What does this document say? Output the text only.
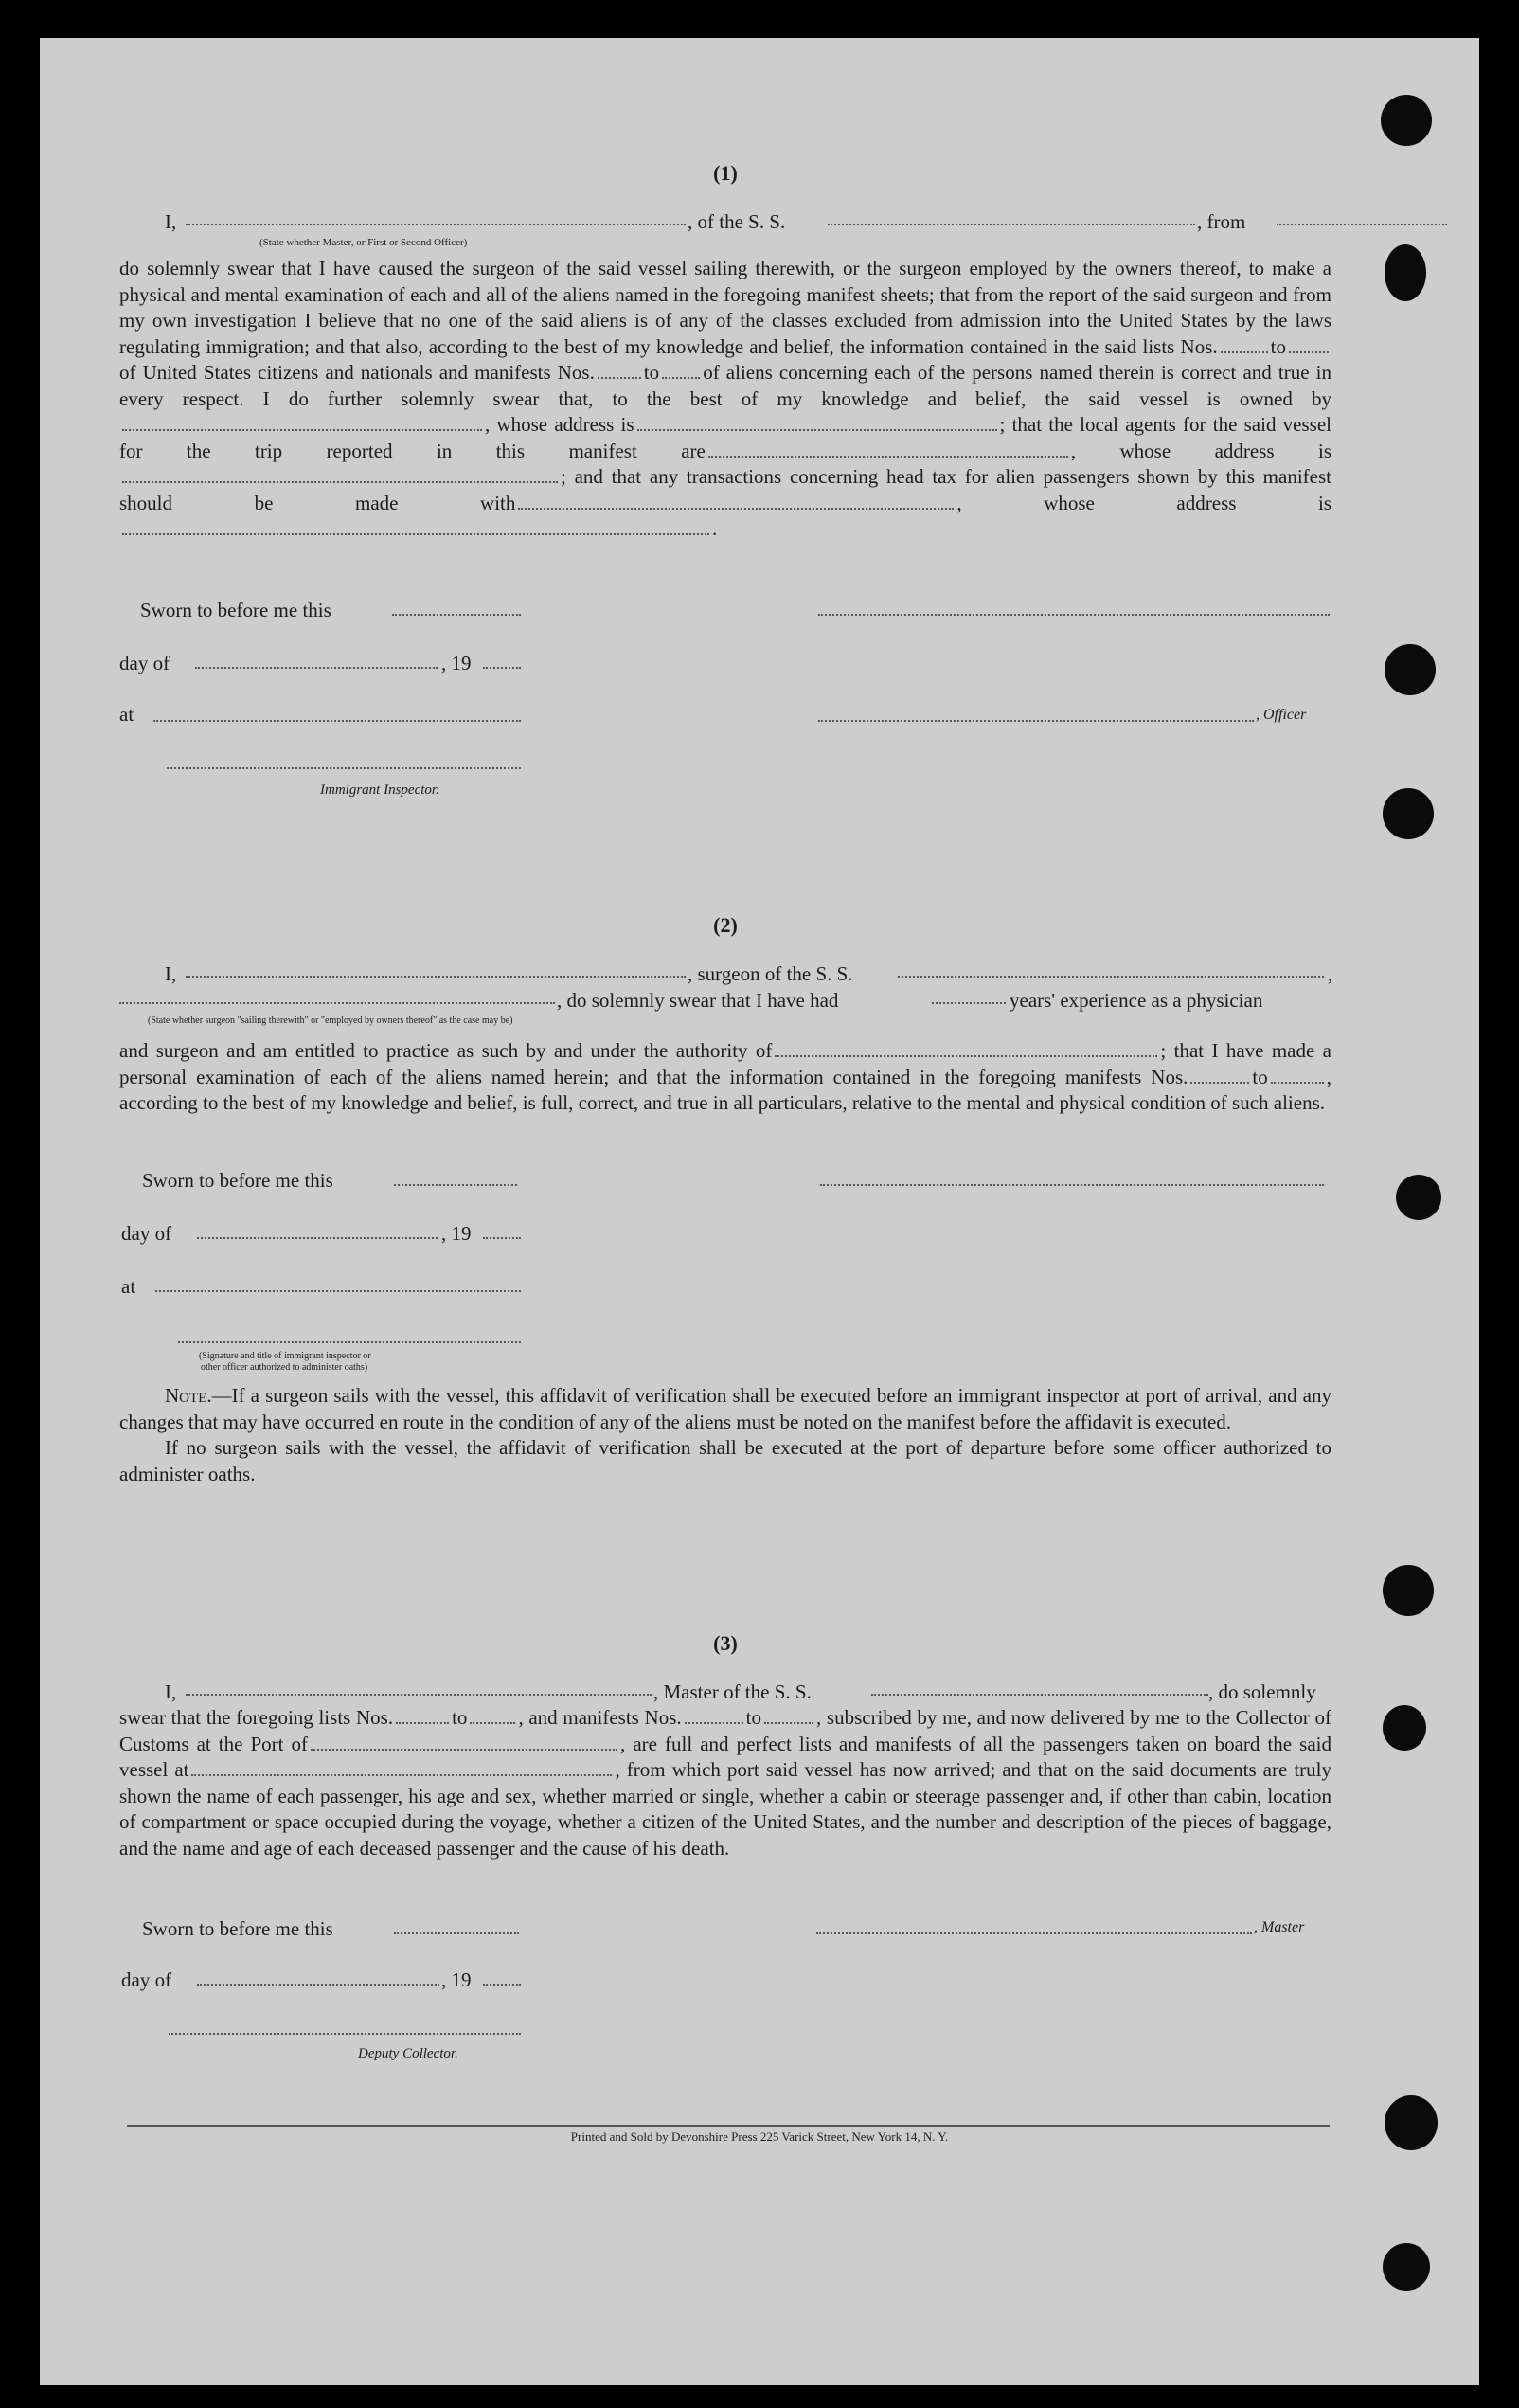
(1)
I,	, of the S. S.	, from
(State whether Master, or First or Second Officer)

do solemnly swear that I have caused the surgeon of the said vessel sailing therewith, or the surgeon employed by the owners thereof, to make a physical and mental examination of each and all of the aliens named in the foregoing manifest sheets; that from the report of the said surgeon and from my own investigation I believe that no one of the said aliens is of any of the classes excluded from admission into the United States by the laws regulating immigration; and that also, according to the best of my knowledge and belief, the information contained in the said lists Nos.	to of United States citizens and nationals and manifests Nos. to of aliens concerning each of the persons named therein is correct and true in every respect. I do further solemnly swear that, to the best of my knowledge and belief, the said vessel is owned by, whose address is	; that the local agents for the said vessel for the trip reported in this manifest are	, whose address is; and that any transactions concerning head tax for alien passengers shown by this manifest should be made with	, whose address is .

Sworn to before me this
day of	, 19
at	, Officer
Immigrant Inspector.
(2)
I,	, surgeon of the S. S.	,
, do solemnly swear that I have had	years' experience as a physician
(State whether surgeon "sailing therewith" or "employed by owners thereof" as the case may be)

and surgeon and am entitled to practice as such by and under the authority of	; that I have made a personal examination of each of the aliens named herein; and that the information contained in the foregoing manifests Nos.	to	, according to the best of my knowledge and belief, is full, correct, and true in all particulars, relative to the mental and physical condition of such aliens.

Sworn to before me this
day of	, 19
at
(Signature and title of immigrant inspector or
other officer authorized to administer oaths)

Note.—If a surgeon sails with the vessel, this affidavit of verification shall be executed before an immigrant inspector at port of arrival, and any changes that may have occurred en route in the condition of any of the aliens must be noted on the manifest before the affidavit is executed.

If no surgeon sails with the vessel, the affidavit of verification shall be executed at the port of departure before some officer authorized to administer oaths.

(3)
I,	, Master of the S. S.	, do solemnly

swear that the foregoing lists Nos.	to	, and manifests Nos.	to	, subscribed by me, and now delivered by me to the Collector of Customs at the Port of	, are full and perfect lists and manifests of all the passengers taken on board the said vessel at	, from which port said vessel has now arrived; and that on the said documents are truly shown the name of each passenger, his age and sex, whether married or single, whether a cabin or steerage passenger and, if other than cabin, location of compartment or space occupied during the voyage, whether a citizen of the United States, and the number and description of the pieces of baggage, and the name and age of each deceased passenger and the cause of his death.

Sworn to before me this	, Master
day of	, 19
Deputy Collector.
Printed and Sold by Devonshire Press 225 Varick Street, New York 14, N. Y.
